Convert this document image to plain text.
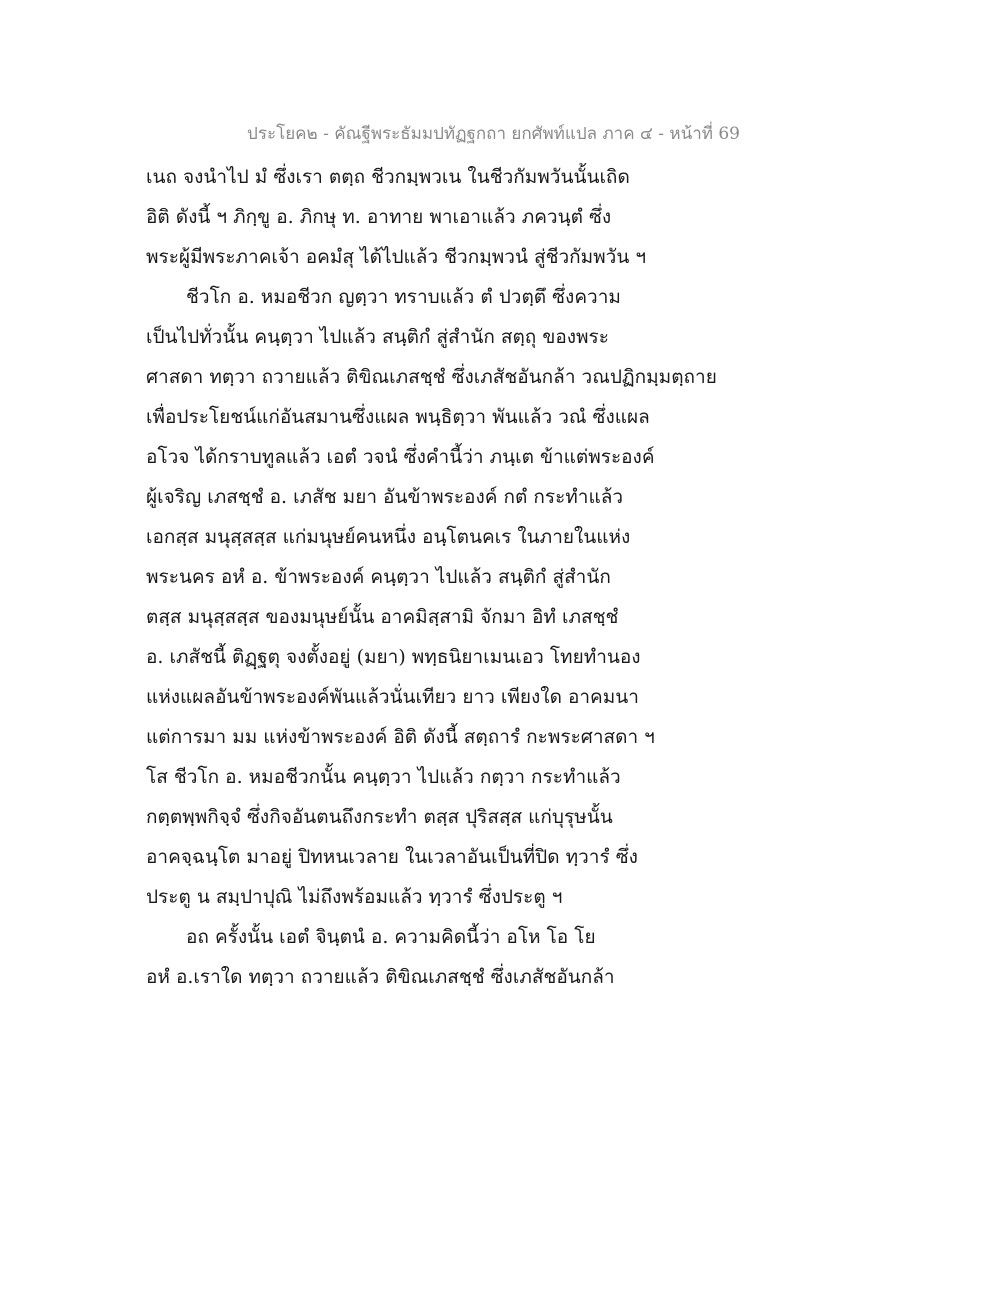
ประโยค๒ - คัณฐีพระธัมมปทัฏฐกถา ยกศัพท์แปล ภาค ๔ - หน้าที่ 69
เนถ จงนำไป มํ ซึ่งเรา ตตฺถ ชีวกมฺพวเน ในชีวกัมพวันนั้นเถิด
อิติ ดังนี้ ฯ ภิกฺขู อ. ภิกษุ ท. อาทาย พาเอาแล้ว ภควนฺตํ ซึ่ง
พระผู้มีพระภาคเจ้า อคมํสุ ได้ไปแล้ว ชีวกมฺพวนํ สู่ชีวกัมพวัน ฯ
ชีวโก อ. หมอชีวก ญตฺวา ทราบแล้ว ตํ ปวตฺตึ ซึ่งความ
เป็นไปทั่วนั้น คนฺตฺวา ไปแล้ว สนฺติกํ สู่สำนัก สตฺถุ ของพระ
ศาสดา ทตฺวา ถวายแล้ว ติขิณเภสชฺชํ ซึ่งเภสัชอันกล้า วณปฏิกมฺมตฺถาย
เพื่อประโยชน์แก่อันสมานซึ่งแผล พนฺธิตฺวา พันแล้ว วณํ ซึ่งแผล
อโวจ ได้กราบทูลแล้ว เอตํ วจนํ ซึ่งคำนี้ว่า ภนฺเต ข้าแต่พระองค์
ผู้เจริญ เภสชฺชํ อ. เภสัช มยา อันข้าพระองค์ กตํ กระทำแล้ว
เอกสฺส มนุสฺสสฺส แก่มนุษย์คนหนึ่ง อนฺโตนคเร ในภายในแห่ง
พระนคร อหํ อ. ข้าพระองค์ คนฺตฺวา ไปแล้ว สนฺติกํ สู่สำนัก
ตสฺส มนุสฺสสฺส ของมนุษย์นั้น อาคมิสฺสามิ จักมา อิทํ เภสชฺชํ
อ. เภสัชนี้ ติฏฺฐตุ จงตั้งอยู่ (มยา) พทฺธนิยาเมนเอว โทยทำนอง
แห่งแผลอันข้าพระองค์พันแล้วนั่นเทียว ยาว เพียงใด อาคมนา
แต่การมา มม แห่งข้าพระองค์ อิติ ดังนี้ สตฺถารํ กะพระศาสดา ฯ
โส ชีวโก อ. หมอชีวกนั้น คนฺตฺวา ไปแล้ว กตฺวา กระทำแล้ว
กตฺตพฺพกิจฺจํ ซึ่งกิจอันตนถึงกระทำ ตสฺส ปุริสสฺส แก่บุรุษนั้น
อาคจฺฉนฺโต มาอยู่ ปิทหนเวลาย ในเวลาอันเป็นที่ปิด ทฺวารํ ซึ่ง
ประตู น สมฺปาปุณิ ไม่ถึงพร้อมแล้ว ทฺวารํ ซึ่งประตู ฯ
อถ ครั้งนั้น เอตํ จินฺตนํ อ. ความคิดนี้ว่า อโห โอ โย
อหํ อ.เราใด ทตฺวา ถวายแล้ว ติขิณเภสชฺชํ ซึ่งเภสัชอันกล้า
